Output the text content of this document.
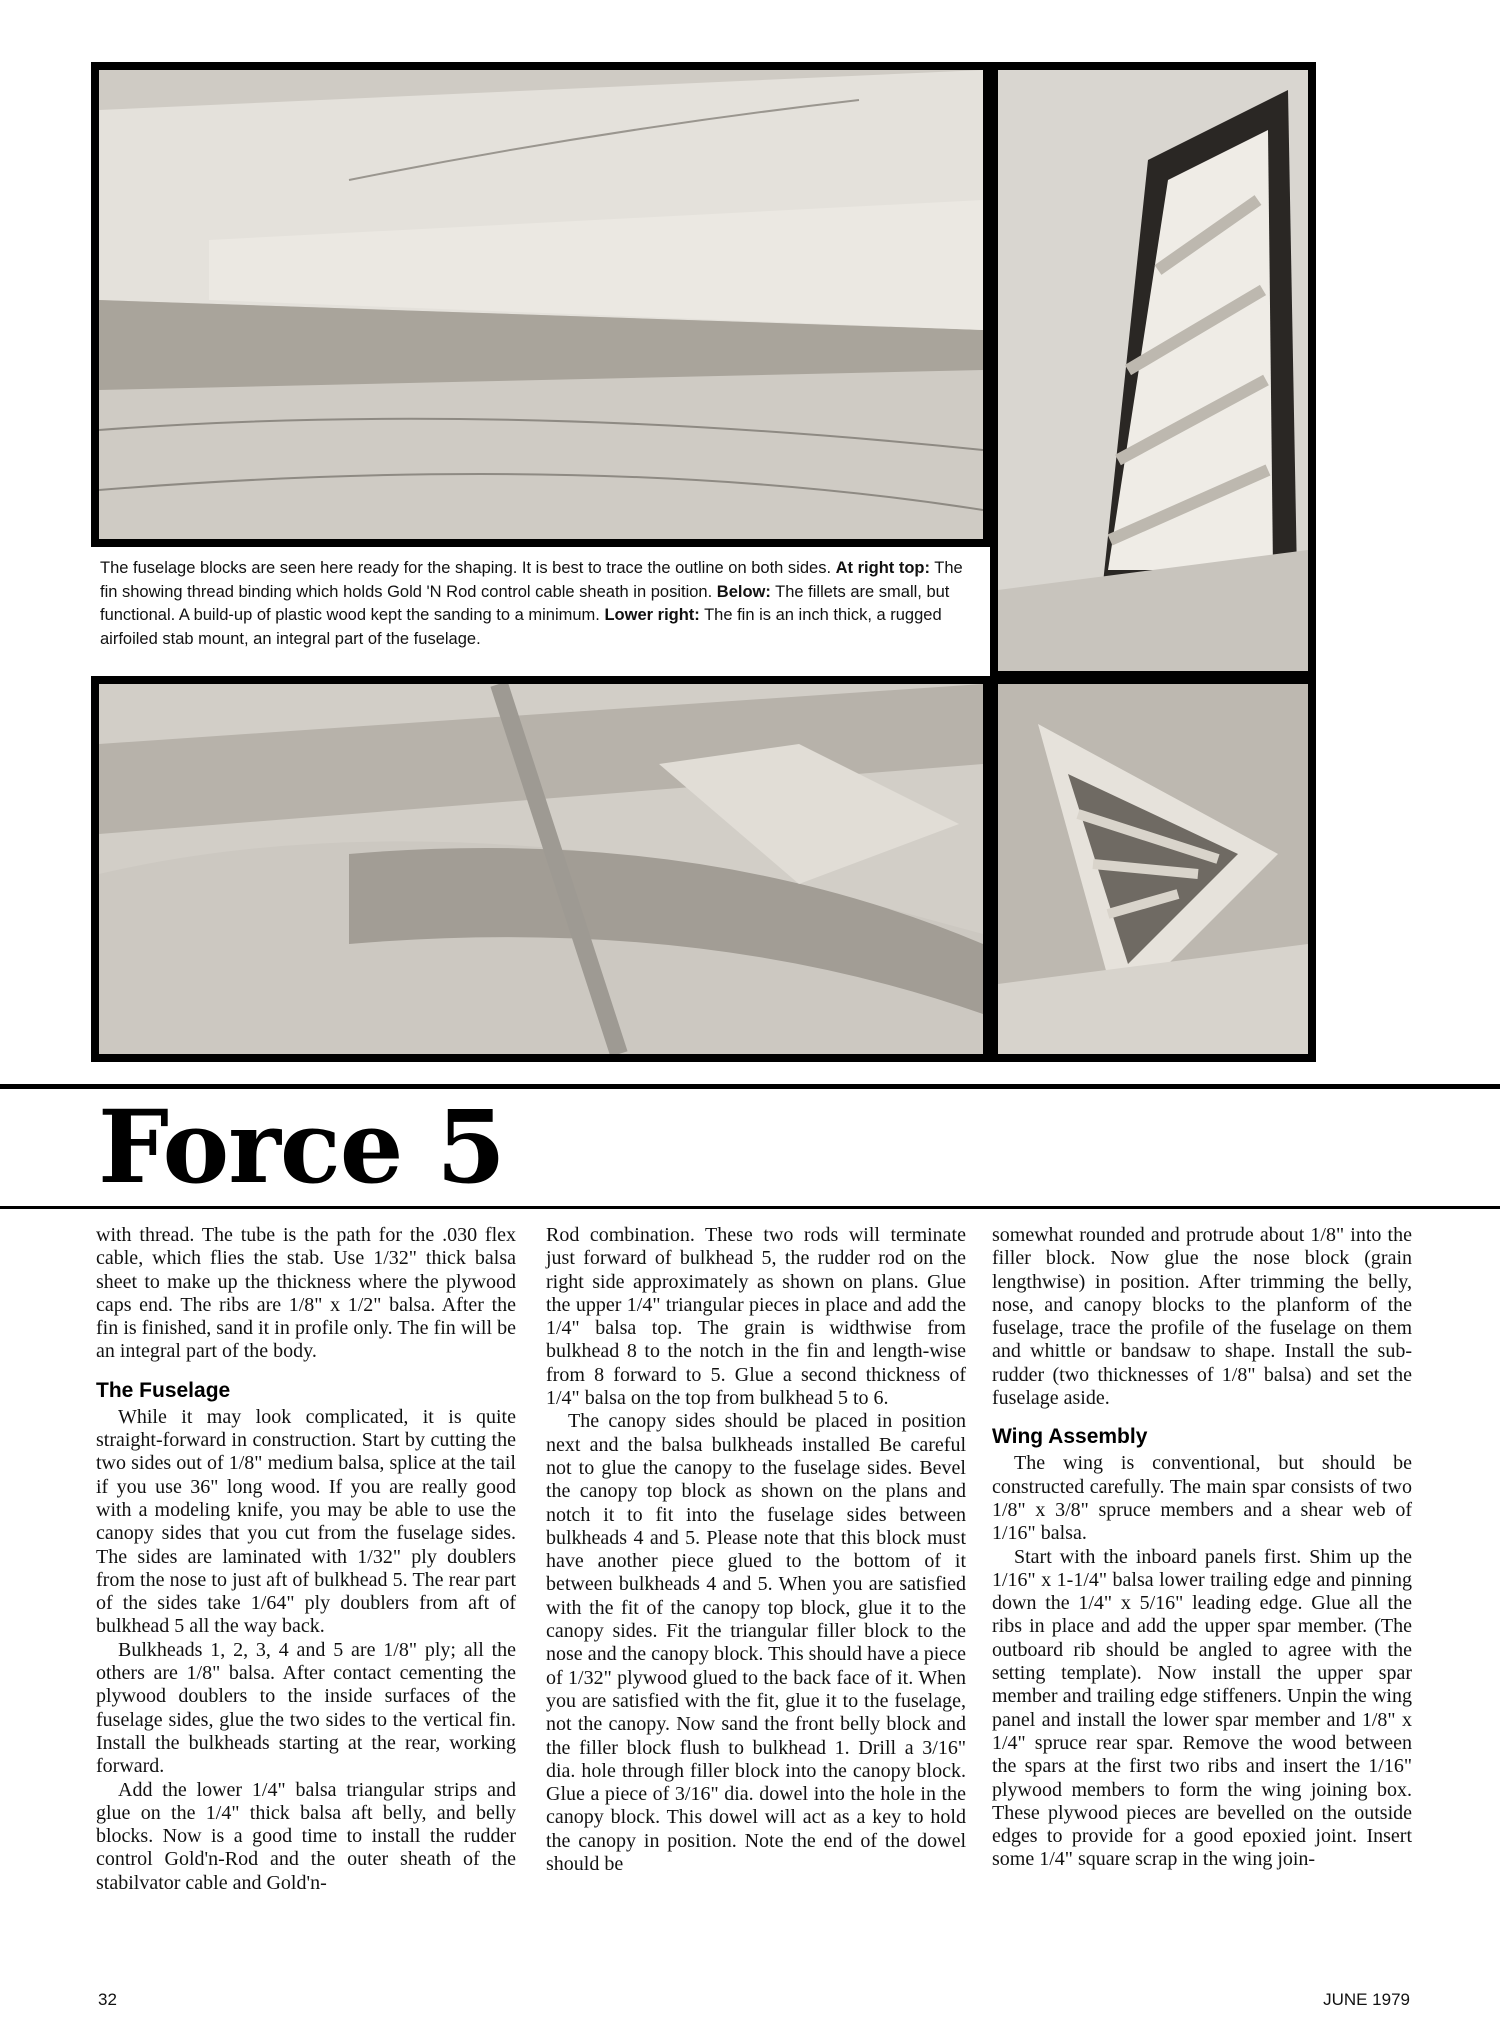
The fuselage blocks are seen here ready for the shaping. It is best to trace the outline on both sides. At right top: The fin showing thread binding which holds Gold 'N Rod control cable sheath in position. Below: The fillets are small, but functional. A build-up of plastic wood kept the sanding to a minimum. Lower right: The fin is an inch thick, a rugged airfoiled stab mount, an integral part of the fuselage.
Force 5

with thread. The tube is the path for the .030 flex cable, which flies the stab. Use 1/32" thick balsa sheet to make up the thickness where the plywood caps end. The ribs are 1/8" x 1/2" balsa. After the fin is finished, sand it in profile only. The fin will be an integral part of the body.

The Fuselage

While it may look complicated, it is quite straight-forward in construction. Start by cutting the two sides out of 1/8" medium balsa, splice at the tail if you use 36" long wood. If you are really good with a modeling knife, you may be able to use the canopy sides that you cut from the fuselage sides. The sides are laminated with 1/32" ply doublers from the nose to just aft of bulkhead 5. The rear part of the sides take 1/64" ply doublers from aft of bulkhead 5 all the way back.

Bulkheads 1, 2, 3, 4 and 5 are 1/8" ply; all the others are 1/8" balsa. After contact cementing the plywood doublers to the inside surfaces of the fuselage sides, glue the two sides to the vertical fin. Install the bulkheads starting at the rear, working forward.

Add the lower 1/4" balsa triangular strips and glue on the 1/4" thick balsa aft belly, and belly blocks. Now is a good time to install the rudder control Gold'n-Rod and the outer sheath of the stabilvator cable and Gold'n-

Rod combination. These two rods will terminate just forward of bulkhead 5, the rudder rod on the right side approximately as shown on plans. Glue the upper 1/4" triangular pieces in place and add the 1/4" balsa top. The grain is widthwise from bulkhead 8 to the notch in the fin and length-wise from 8 forward to 5. Glue a second thickness of 1/4" balsa on the top from bulkhead 5 to 6.

The canopy sides should be placed in position next and the balsa bulkheads installed Be careful not to glue the canopy to the fuselage sides. Bevel the canopy top block as shown on the plans and notch it to fit into the fuselage sides between bulkheads 4 and 5. Please note that this block must have another piece glued to the bottom of it between bulkheads 4 and 5. When you are satisfied with the fit of the canopy top block, glue it to the canopy sides. Fit the triangular filler block to the nose and the canopy block. This should have a piece of 1/32" plywood glued to the back face of it. When you are satisfied with the fit, glue it to the fuselage, not the canopy. Now sand the front belly block and the filler block flush to bulkhead 1. Drill a 3/16" dia. hole through filler block into the canopy block. Glue a piece of 3/16" dia. dowel into the hole in the canopy block. This dowel will act as a key to hold the canopy in position. Note the end of the dowel should be

somewhat rounded and protrude about 1/8" into the filler block. Now glue the nose block (grain lengthwise) in position. After trimming the belly, nose, and canopy blocks to the planform of the fuselage, trace the profile of the fuselage on them and whittle or bandsaw to shape. Install the sub-rudder (two thicknesses of 1/8" balsa) and set the fuselage aside.

Wing Assembly

The wing is conventional, but should be constructed carefully. The main spar consists of two 1/8" x 3/8" spruce members and a shear web of 1/16" balsa.

Start with the inboard panels first. Shim up the 1/16" x 1-1/4" balsa lower trailing edge and pinning down the 1/4" x 5/16" leading edge. Glue all the ribs in place and add the upper spar member. (The outboard rib should be angled to agree with the setting template). Now install the upper spar member and trailing edge stiffeners. Unpin the wing panel and install the lower spar member and 1/8" x 1/4" spruce rear spar. Remove the wood between the spars at the first two ribs and insert the 1/16" plywood members to form the wing joining box. These plywood pieces are bevelled on the outside edges to provide for a good epoxied joint. Insert some 1/4" square scrap in the wing join-

32	JUNE 1979
